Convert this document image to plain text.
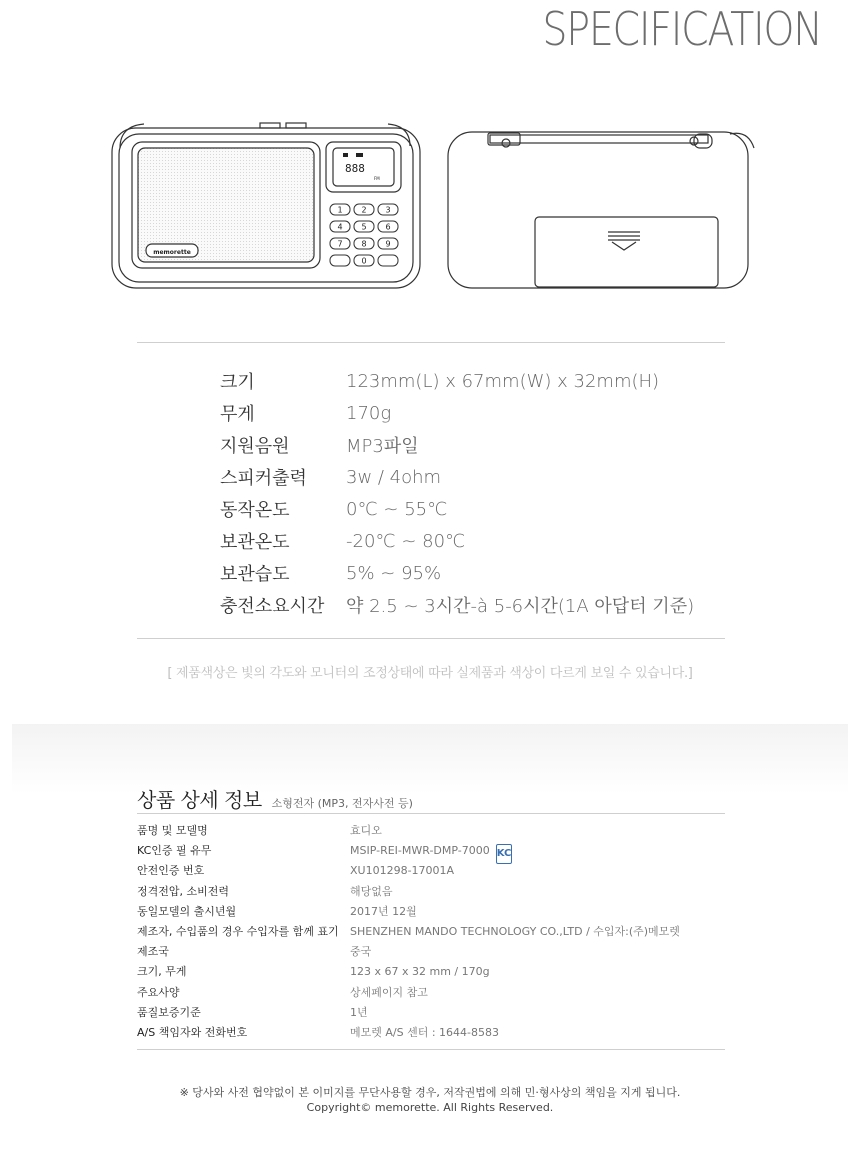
SPECIFICATION
888
FM
memorette
1 2 3
4 5 6
7 8 9
0
크기	123mm(L) x 67mm(W) x 32mm(H)
무게	170g
지원음원	MP3파일
스피커출력	3w / 4ohm
동작온도	0℃ ~ 55℃
보관온도	-20℃ ~ 80℃
보관습도	5% ~ 95%
충전소요시간	약 2.5 ~ 3시간-à 5-6시간(1A 아답터 기준)
[ 제품색상은 빛의 각도와 모니터의 조정상태에 따라 실제품과 색상이 다르게 보일 수 있습니다.]
상품 상세 정보 소형전자 (MP3, 전자사전 등)
품명 및 모델명	효디오
KC인증 필 유무	MSIP-REI-MWR-DMP-7000 KC
안전인증 번호	XU101298-17001A
정격전압, 소비전력	해당없음
동일모델의 출시년월	2017년 12월
제조자, 수입품의 경우 수입자를 함께 표기	SHENZHEN MANDO TECHNOLOGY CO.,LTD / 수입자:(주)메모렛
제조국	중국
크기, 무게	123 x 67 x 32 mm / 170g
주요사양	상세페이지 참고
품질보증기준	1년
A/S 책임자와 전화번호	메모렛 A/S 센터 : 1644-8583
※ 당사와 사전 협약없이 본 이미지를 무단사용할 경우, 저작권법에 의해 민·형사상의 책임을 지게 됩니다.
Copyright© memorette. All Rights Reserved.
